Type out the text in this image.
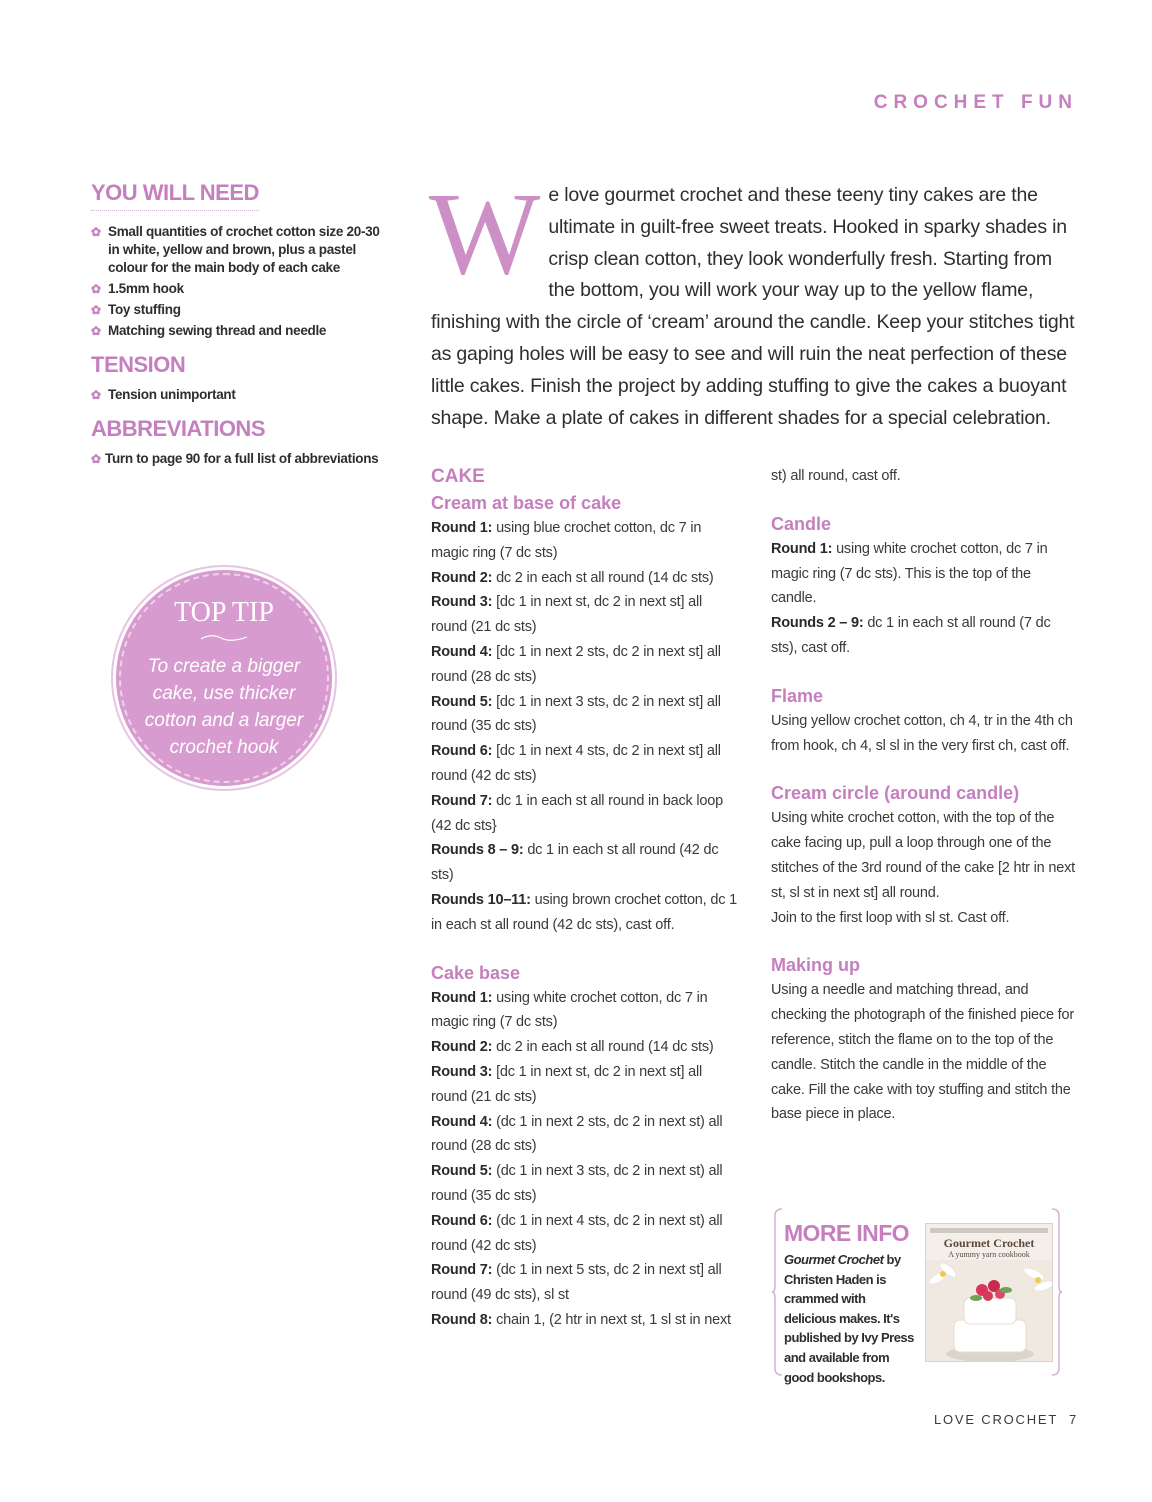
CROCHET FUN
YOU WILL NEED
✿ Small quantities of crochet cotton size 20-30 in white, yellow and brown, plus a pastel colour for the main body of each cake
✿ 1.5mm hook
✿ Toy stuffing
✿ Matching sewing thread and needle
TENSION
✿ Tension unimportant
ABBREVIATIONS
✿ Turn to page 90 for a full list of abbreviations
TOP TIP
To create a bigger cake, use thicker cotton and a larger crochet hook
W e love gourmet crochet and these teeny tiny cakes are the ultimate in guilt-free sweet treats. Hooked in sparky shades in crisp clean cotton, they look wonderfully fresh. Starting from the bottom, you will work your way up to the yellow flame, finishing with the circle of ‘cream’ around the candle. Keep your stitches tight as gaping holes will be easy to see and will ruin the neat perfection of these little cakes. Finish the project by adding stuffing to give the cakes a buoyant shape. Make a plate of cakes in different shades for a special celebration.
CAKE
Cream at base of cake
Round 1: using blue crochet cotton, dc 7 in magic ring (7 dc sts)
Round 2: dc 2 in each st all round (14 dc sts)
Round 3: [dc 1 in next st, dc 2 in next st] all round (21 dc sts)
Round 4: [dc 1 in next 2 sts, dc 2 in next st] all round (28 dc sts)
Round 5: [dc 1 in next 3 sts, dc 2 in next st] all round (35 dc sts)
Round 6: [dc 1 in next 4 sts, dc 2 in next st] all round (42 dc sts)
Round 7: dc 1 in each st all round in back loop (42 dc sts}
Rounds 8 – 9: dc 1 in each st all round (42 dc sts)
Rounds 10–11: using brown crochet cotton, dc 1 in each st all round (42 dc sts), cast off.
Cake base
Round 1: using white crochet cotton, dc 7 in magic ring (7 dc sts)
Round 2: dc 2 in each st all round (14 dc sts)
Round 3: [dc 1 in next st, dc 2 in next st] all round (21 dc sts)
Round 4: (dc 1 in next 2 sts, dc 2 in next st) all round (28 dc sts)
Round 5: (dc 1 in next 3 sts, dc 2 in next st) all round (35 dc sts)
Round 6: (dc 1 in next 4 sts, dc 2 in next st) all round (42 dc sts)
Round 7: (dc 1 in next 5 sts, dc 2 in next st] all round (49 dc sts), sl st
Round 8: chain 1, (2 htr in next st, 1 sl st in next
st) all round, cast off.
Candle
Round 1: using white crochet cotton, dc 7 in magic ring (7 dc sts). This is the top of the candle.
Rounds 2 – 9: dc 1 in each st all round (7 dc sts), cast off.
Flame
Using yellow crochet cotton, ch 4, tr in the 4th ch from hook, ch 4, sl sl in the very first ch, cast off.
Cream circle (around candle)
Using white crochet cotton, with the top of the cake facing up, pull a loop through one of the stitches of the 3rd round of the cake [2 htr in next st, sl st in next st] all round.
Join to the first loop with sl st. Cast off.
Making up
Using a needle and matching thread, and checking the photograph of the finished piece for reference, stitch the flame on to the top of the candle. Stitch the candle in the middle of the cake. Fill the cake with toy stuffing and stitch the base piece in place.
MORE INFO
Gourmet Crochet by Christen Haden is crammed with delicious makes. It's published by Ivy Press and available from good bookshops.
Gourmet Crochet
A yummy yarn cookbook
LOVE CROCHET 7
